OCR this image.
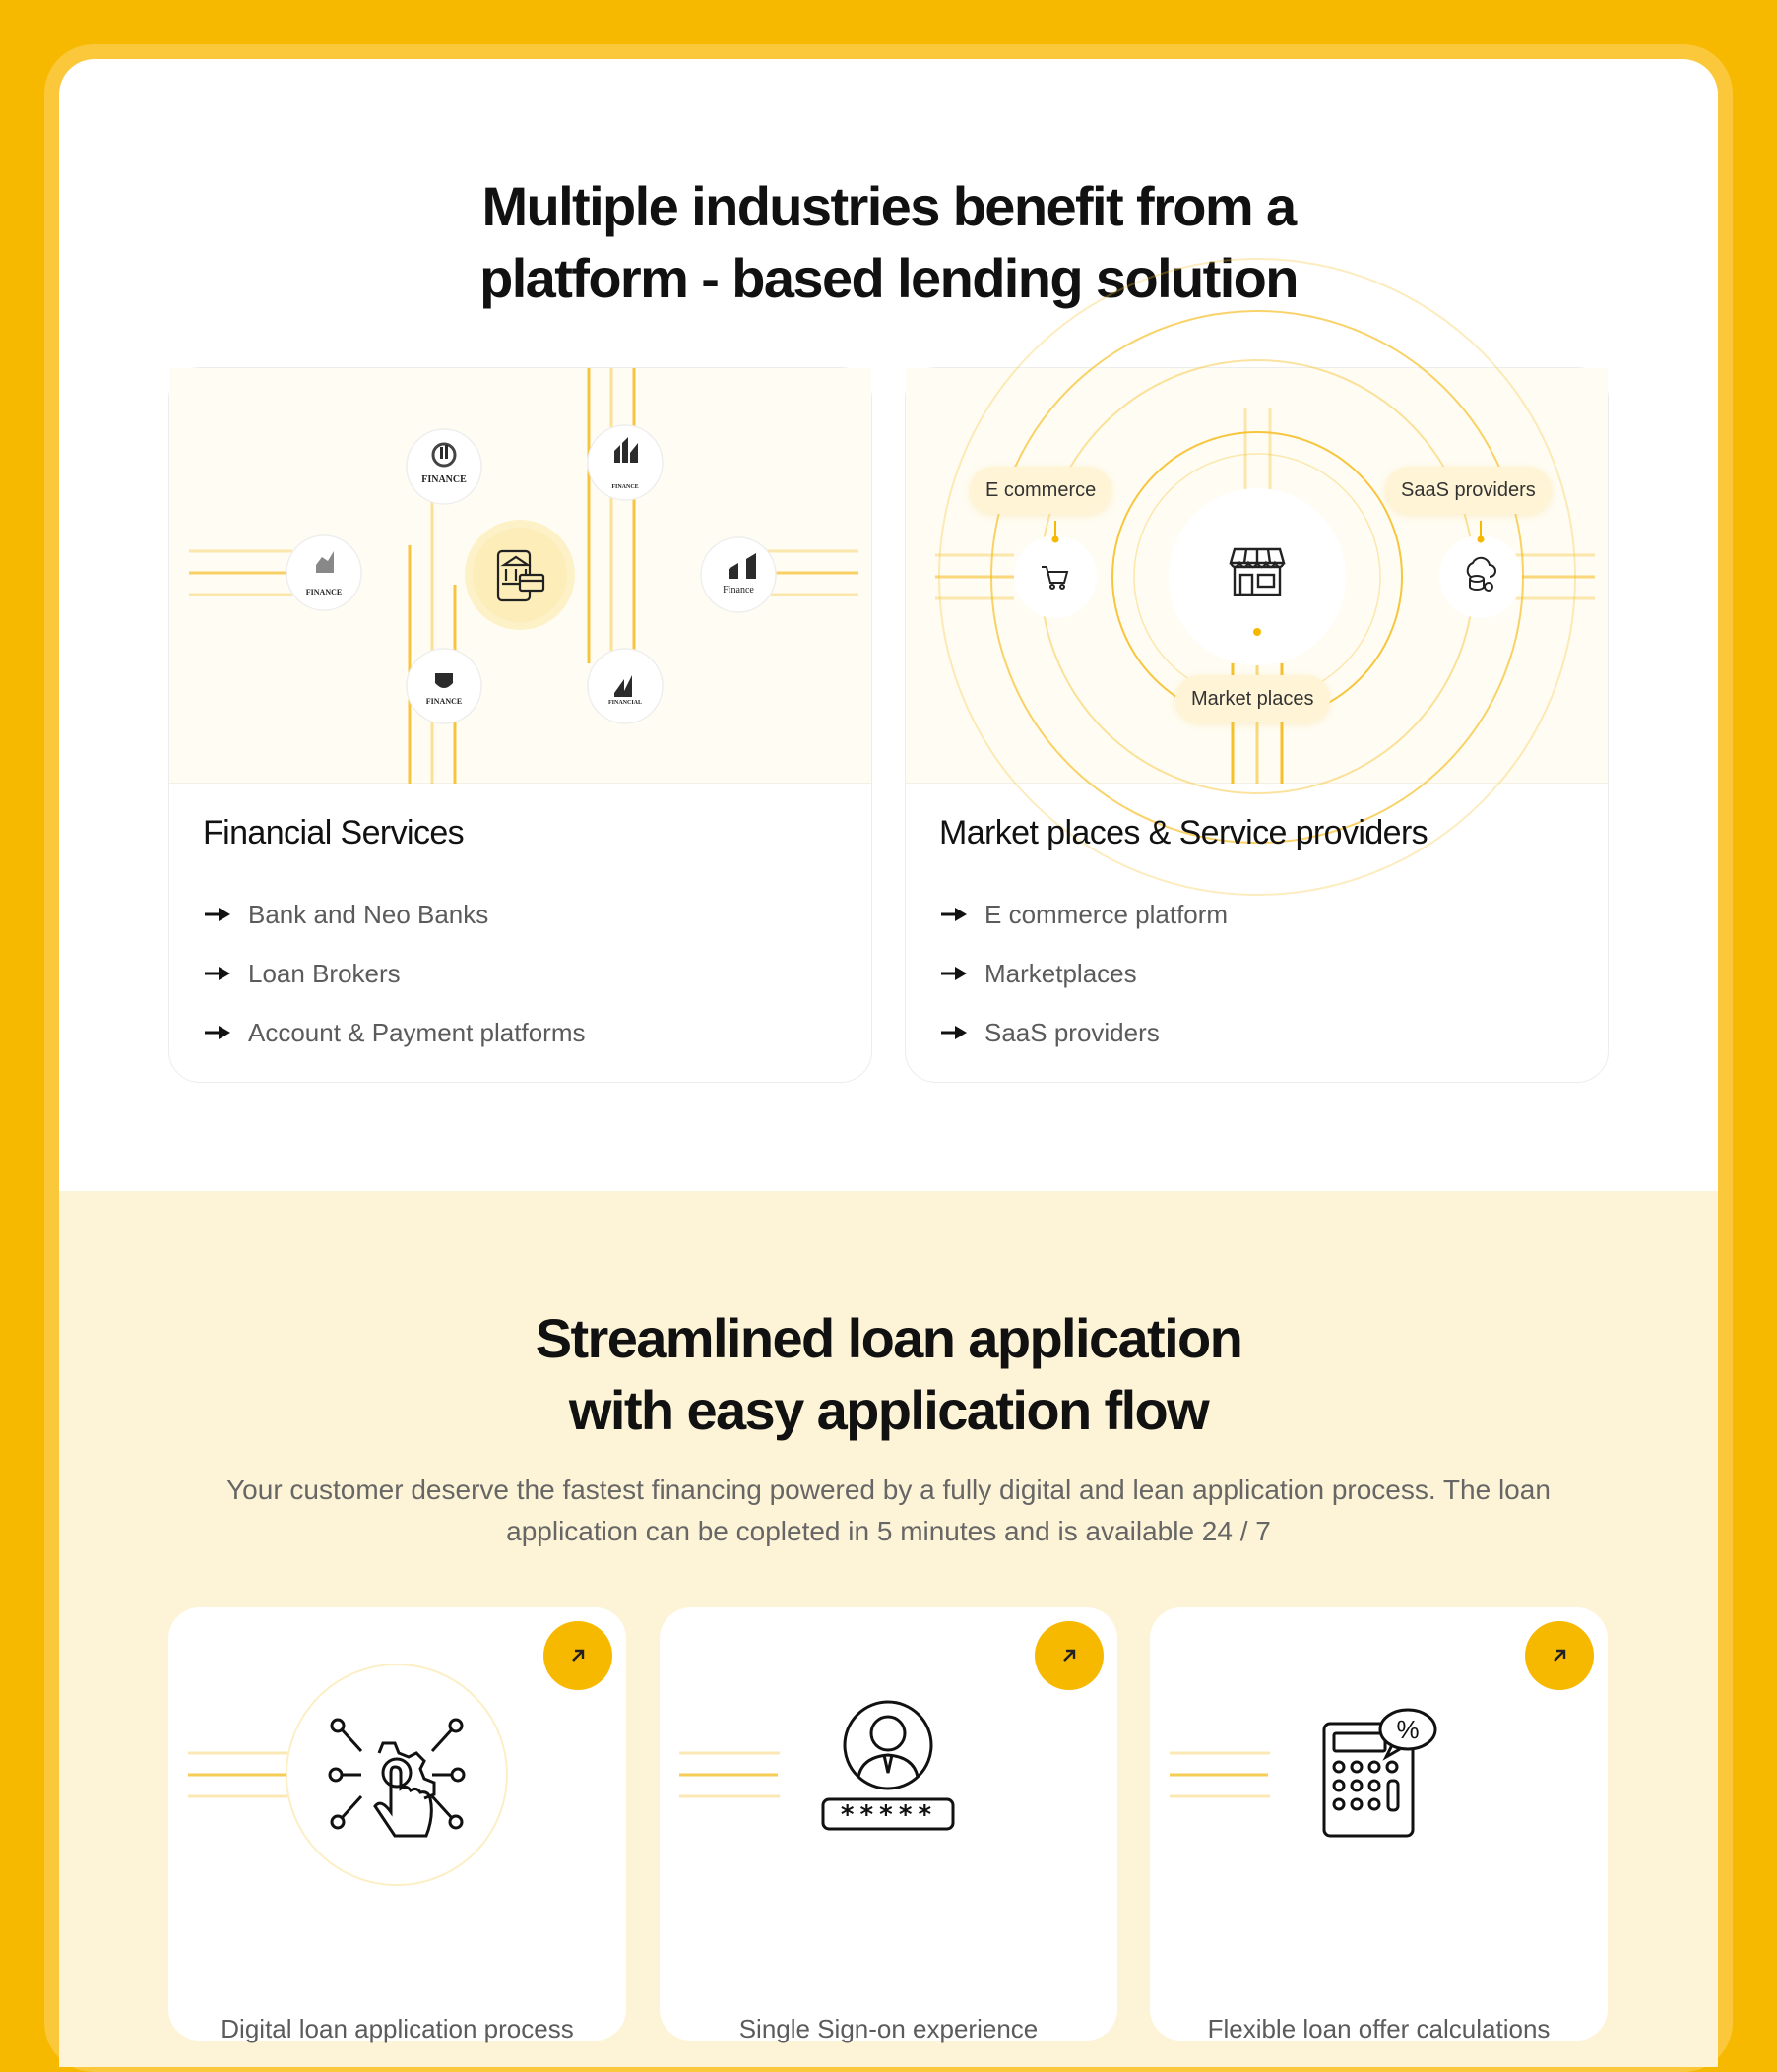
Multiple industries benefit from a
platform - based lending solution
FINANCE
FINANCE
FINANCE	Finance
FINANCE	FINANCIAL
Financial Services
Bank and Neo Banks
Loan Brokers
Account & Payment platforms
E commerce	SaaS providers
Market places
Market places & Service providers
E commerce platform
Marketplaces
SaaS providers
Streamlined loan application
with easy application flow

Your customer deserve the fastest financing powered by a fully digital and lean application process. The loan application can be copleted in 5 minutes and is available 24 / 7

Digital loan application process
*****
Single Sign-on experience
%
Flexible loan offer calculations
